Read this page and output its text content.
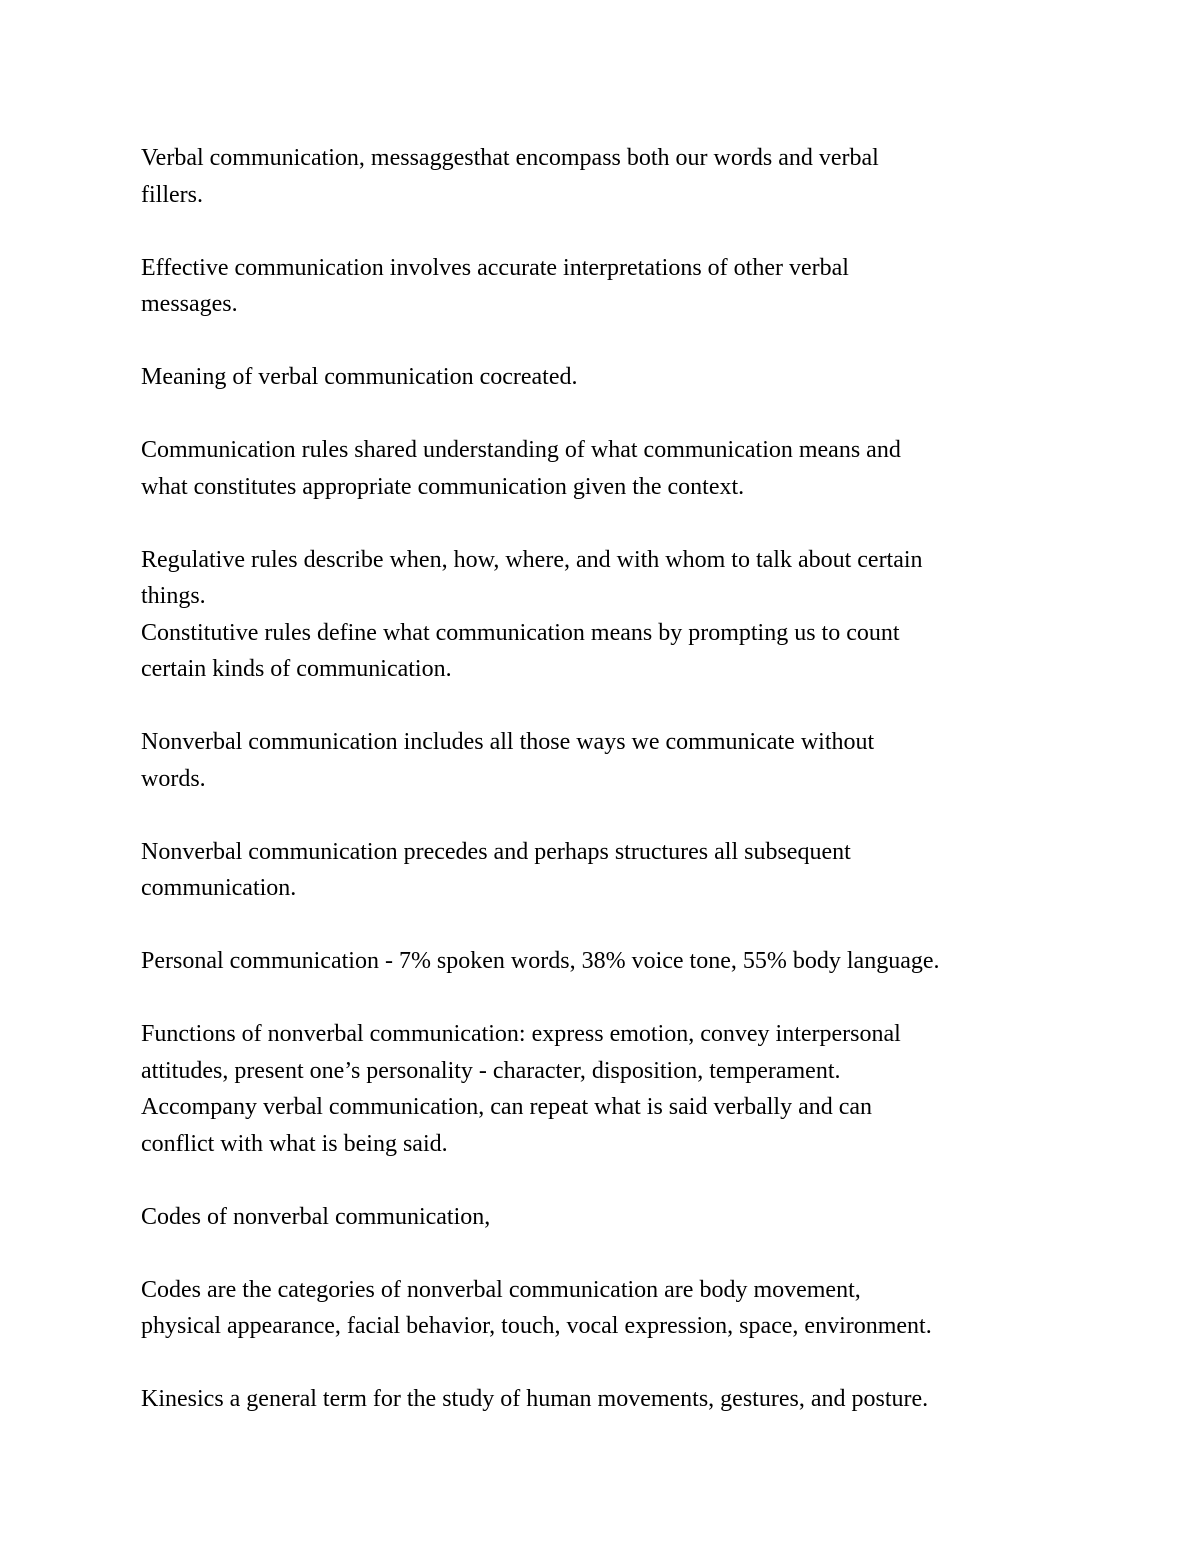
Verbal communication, messaggesthat encompass both our words and verbal
fillers.

Effective communication involves accurate interpretations of other verbal
messages.

Meaning of verbal communication cocreated.

Communication rules shared understanding of what communication means and
what constitutes appropriate communication given the context.

Regulative rules describe when, how, where, and with whom to talk about certain
things.

Constitutive rules define what communication means by prompting us to count
certain kinds of communication.

Nonverbal communication includes all those ways we communicate without
words.

Nonverbal communication precedes and perhaps structures all subsequent
communication.

Personal communication - 7% spoken words, 38% voice tone, 55% body language.

Functions of nonverbal communication: express emotion, convey interpersonal
attitudes, present one’s personality - character, disposition, temperament.
Accompany verbal communication, can repeat what is said verbally and can
conflict with what is being said.

Codes of nonverbal communication,

Codes are the categories of nonverbal communication are body movement,
physical appearance, facial behavior, touch, vocal expression, space, environment.

Kinesics a general term for the study of human movements, gestures, and posture.
